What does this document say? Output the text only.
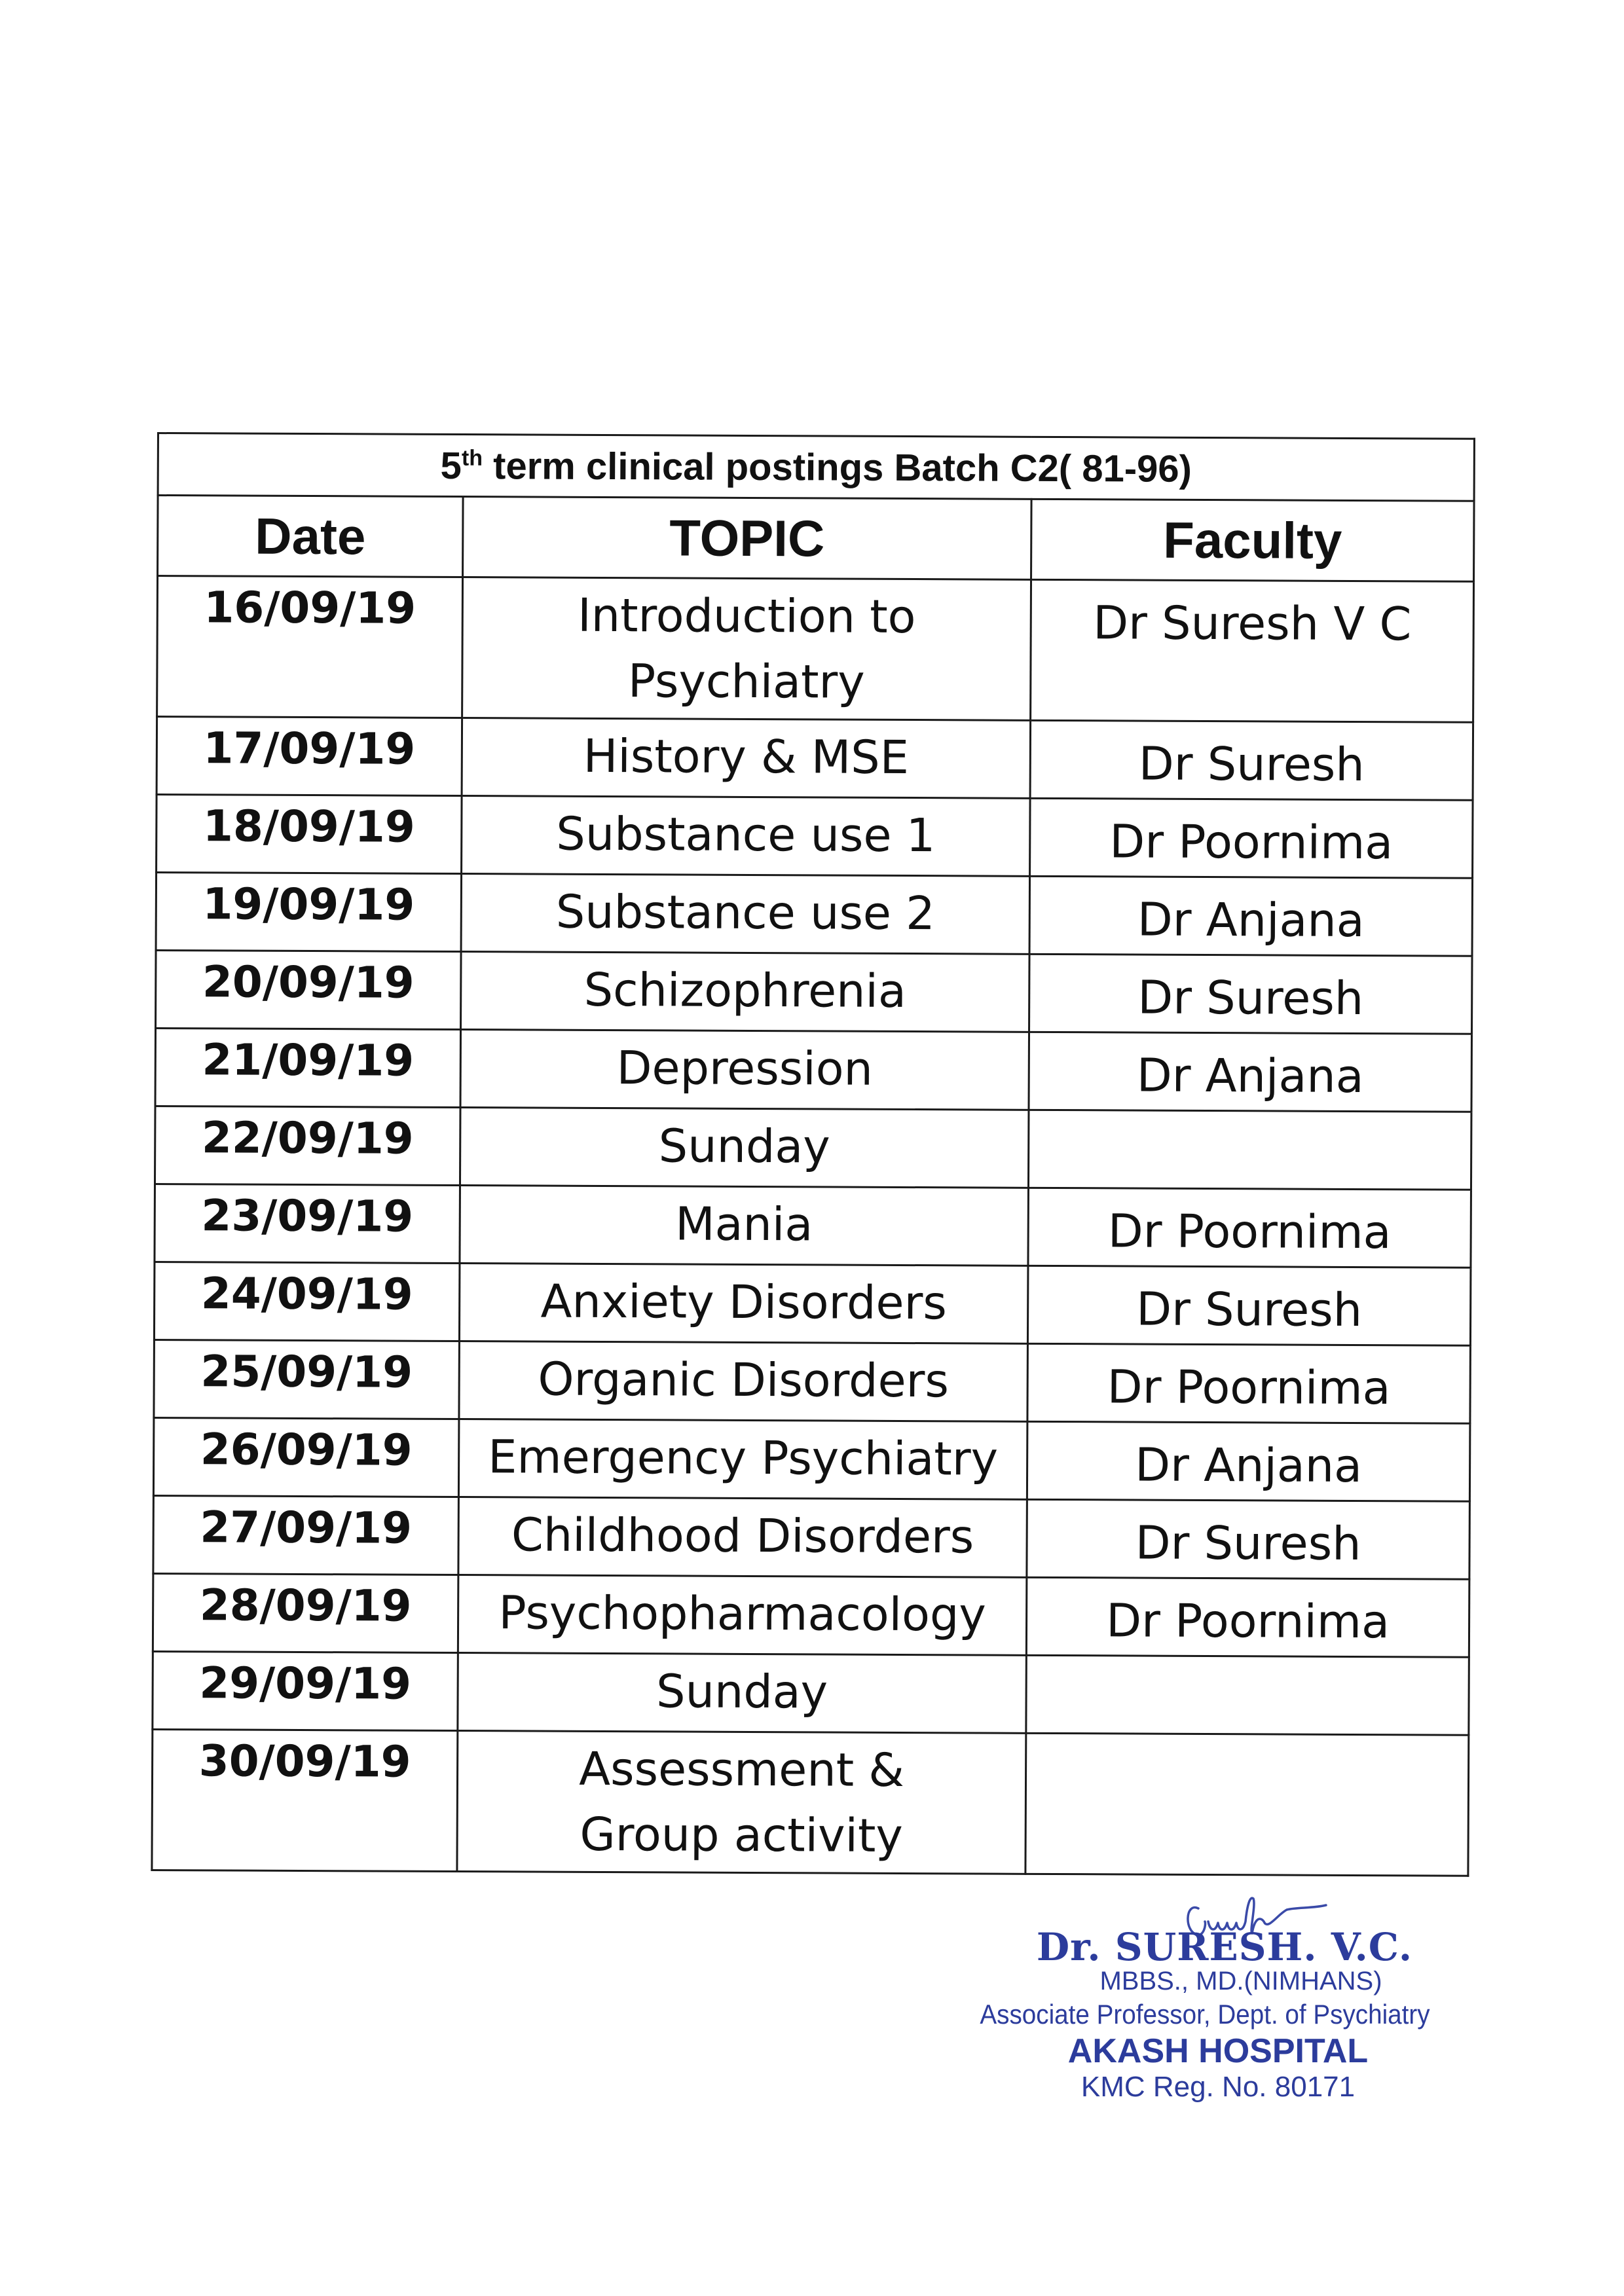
5th term clinical postings Batch C2( 81-96)		
Date	TOPIC	Faculty
16/09/19	Introduction to Psychiatry	Dr Suresh V C
17/09/19	History & MSE	Dr Suresh
18/09/19	Substance use 1	Dr Poornima
19/09/19	Substance use 2	Dr Anjana
20/09/19	Schizophrenia	Dr Suresh
21/09/19	Depression	Dr Anjana
22/09/19	Sunday	
23/09/19	Mania	Dr Poornima
24/09/19	Anxiety Disorders	Dr Suresh
25/09/19	Organic Disorders	Dr Poornima
26/09/19	Emergency Psychiatry	Dr Anjana
27/09/19	Childhood Disorders	Dr Suresh
28/09/19	Psychopharmacology	Dr Poornima
29/09/19	Sunday	
30/09/19	Assessment & Group activity	
Dr. SURESH. V.C.
MBBS., MD.(NIMHANS)
Associate Professor, Dept. of Psychiatry
AKASH HOSPITAL
KMC Reg. No. 80171
